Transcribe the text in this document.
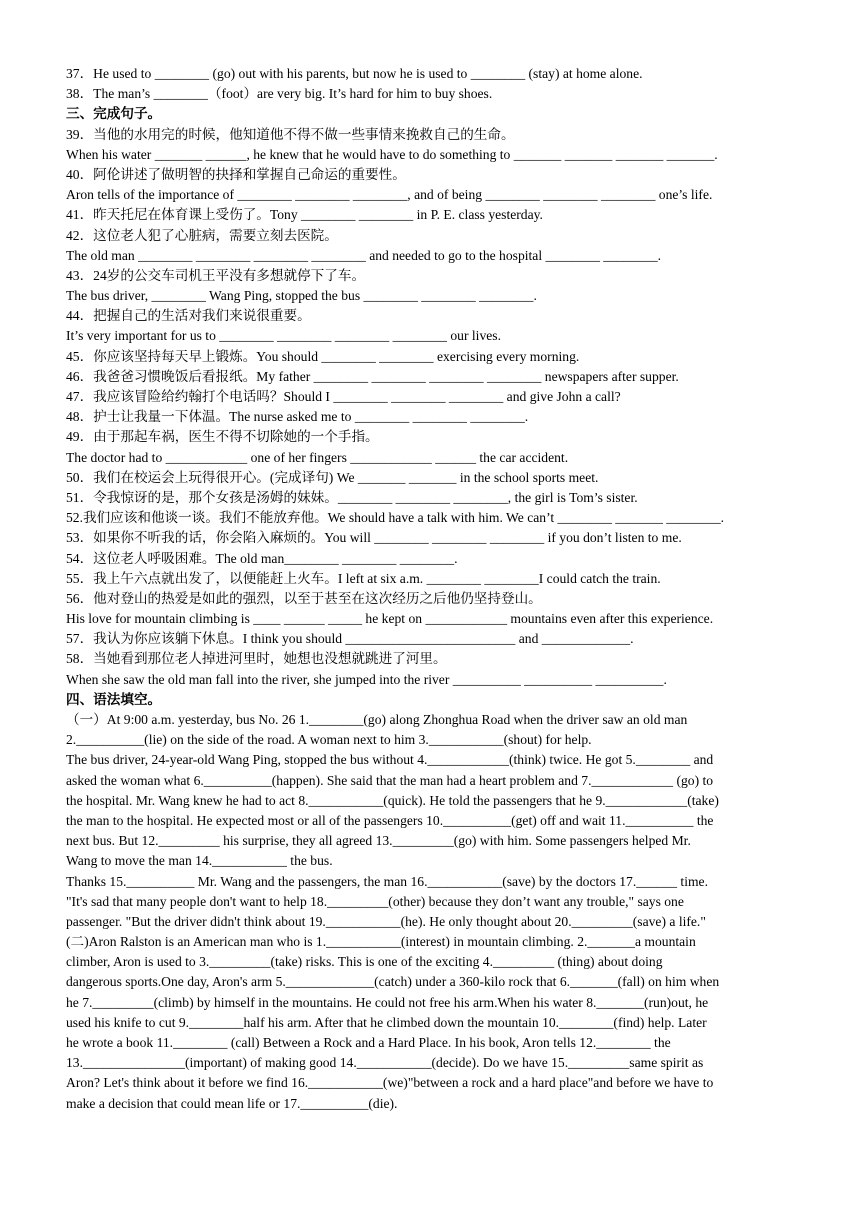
37．He used to ________ (go) out with his parents, but now he is used to ________ (stay) at home alone.

38．The man’s ________（foot）are very big. It’s hard for him to buy shoes.

三、完成句子。

39．当他的水用完的时候，他知道他不得不做一些事情来挽救自己的生命。

When his water _______ ______, he knew that he would have to do something to _______ _______ _______ _______.

40．阿伦讲述了做明智的抉择和掌握自己命运的重要性。

Aron tells of the importance of ________ ________ ________, and of being ________ ________ ________ one’s life.

41．昨天托尼在体育课上受伤了。Tony ________ ________ in P. E. class yesterday.

42．这位老人犯了心脏病，需要立刻去医院。

The old man ________ ________ ________ ________ and needed to go to the hospital ________ ________.

43．24岁的公交车司机王平没有多想就停下了车。

The bus driver, ________ Wang Ping, stopped the bus ________ ________ ________.

44．把握自己的生活对我们来说很重要。

It’s very important for us to ________ ________ ________ ________ our lives.

45．你应该坚持每天早上锻炼。You should ________ ________ exercising every morning.

46．我爸爸习惯晚饭后看报纸。My father ________ ________ ________ ________ newspapers after supper.

47．我应该冒险给约翰打个电话吗？Should I ________ ________ ________ and give John a call?

48．护士让我量一下体温。The nurse asked me to ________ ________ ________.

49．由于那起车祸，医生不得不切除她的一个手指。

The doctor had to ____________ one of her fingers ____________ ______ the car accident.

50．我们在校运会上玩得很开心。(完成译句) We _______ _______ in the school sports meet.

51．令我惊讶的是，那个女孩是汤姆的妹妹。________ ________ ________, the girl is Tom’s sister.

52.我们应该和他谈一谈。我们不能放弃他。We should have a talk with him. We can’t ________ _______ ________.

53．如果你不听我的话，你会陷入麻烦的。You will ________ ________ ________ if you don’t listen to me.

54．这位老人呼吸困难。The old man________ ________ ________.

55．我上午六点就出发了，以便能赶上火车。I left at six a.m. ________ ________I could catch the train.

56．他对登山的热爱是如此的强烈，以至于甚至在这次经历之后他仍坚持登山。

His love for mountain climbing is ____ ______ _____ he kept on ____________ mountains even after this experience.

57．我认为你应该躺下休息。I think you should _________________________ and _____________.

58．当她看到那位老人掉进河里时，她想也没想就跳进了河里。

When she saw the old man fall into the river, she jumped into the river __________ __________ __________.

四、语法填空。

（一）At 9:00 a.m. yesterday, bus No. 26 1.________(go) along Zhonghua Road when the driver saw an old man

2.__________(lie) on the side of the road. A woman next to him 3.___________(shout) for help.

The bus driver, 24-year-old Wang Ping, stopped the bus without 4.____________(think) twice. He got 5.________ and

asked the woman what 6.__________(happen). She said that the man had a heart problem and 7.____________ (go) to

the hospital. Mr. Wang knew he had to act 8.___________(quick). He told the passengers that he 9.____________(take)

the man to the hospital. He expected most or all of the passengers 10.__________(get) off and wait 11.__________ the

next bus. But 12._________ his surprise, they all agreed 13._________(go) with him. Some passengers helped Mr.

Wang to move the man 14.___________ the bus.

Thanks 15.__________ Mr. Wang and the passengers, the man 16.___________(save) by the doctors 17.______ time.

"It's sad that many people don't want to help 18._________(other) because they don’t want any trouble," says one

passenger. "But the driver didn't think about 19.___________(he). He only thought about 20._________(save) a life."

(二)Aron Ralston is an American man who is 1.___________(interest) in mountain climbing. 2._______a mountain

climber, Aron is used to 3._________(take) risks. This is one of the exciting 4._________ (thing) about doing

dangerous sports.One day, Aron's arm 5._____________(catch) under a 360-kilo rock that 6._______(fall) on him when

he 7._________(climb) by himself in the mountains. He could not free his arm.When his water 8._______(run)out, he

used his knife to cut 9.________half his arm. After that he climbed down the mountain 10.________(find) help. Later

he wrote a book 11.________ (call) Between a Rock and a Hard Place. In his book, Aron tells 12.________ the

13._______________(important) of making good 14.___________(decide). Do we have 15._________same spirit as

Aron? Let's think about it before we find 16.___________(we)"between a rock and a hard place"and before we have to

make a decision that could mean life or 17.__________(die).
